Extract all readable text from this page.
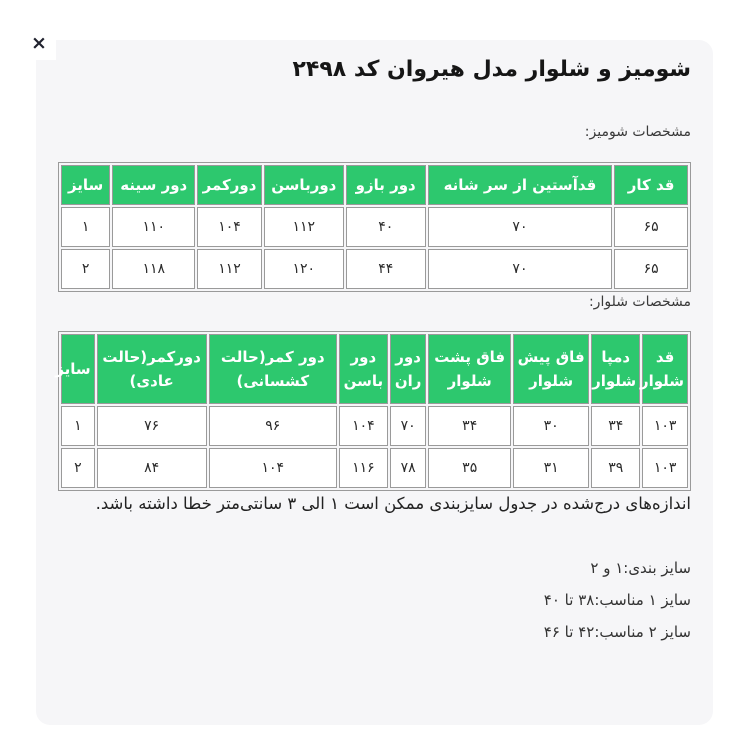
×
شومیز و شلوار مدل هیروان کد ۲۴۹۸
مشخصات شومیز:
قد کار	قدآستین از سر شانه	دور بازو	دورباسن	دورکمر	دور سینه	سایز
۶۵	۷۰	۴۰	۱۱۲	۱۰۴	۱۱۰	۱
۶۵	۷۰	۴۴	۱۲۰	۱۱۲	۱۱۸	۲
مشخصات شلوار:
قد شلوار	دمپا شلوار	فاق پیش شلوار	فاق پشت شلوار	دور ران	دور باسن	دور کمر(حالت کشسانی)	دورکمر(حالت عادی)	سایز
۱۰۳	۳۴	۳۰	۳۴	۷۰	۱۰۴	۹۶	۷۶	۱
۱۰۳	۳۹	۳۱	۳۵	۷۸	۱۱۶	۱۰۴	۸۴	۲
اندازه‌های درج‌شده در جدول سایزبندی ممکن است ۱ الی ۳ سانتی‌متر خطا داشته باشد.
سایز بندی:۱ و ۲
سایز ۱ مناسب:۳۸ تا ۴۰
سایز ۲ مناسب:۴۲ تا ۴۶
